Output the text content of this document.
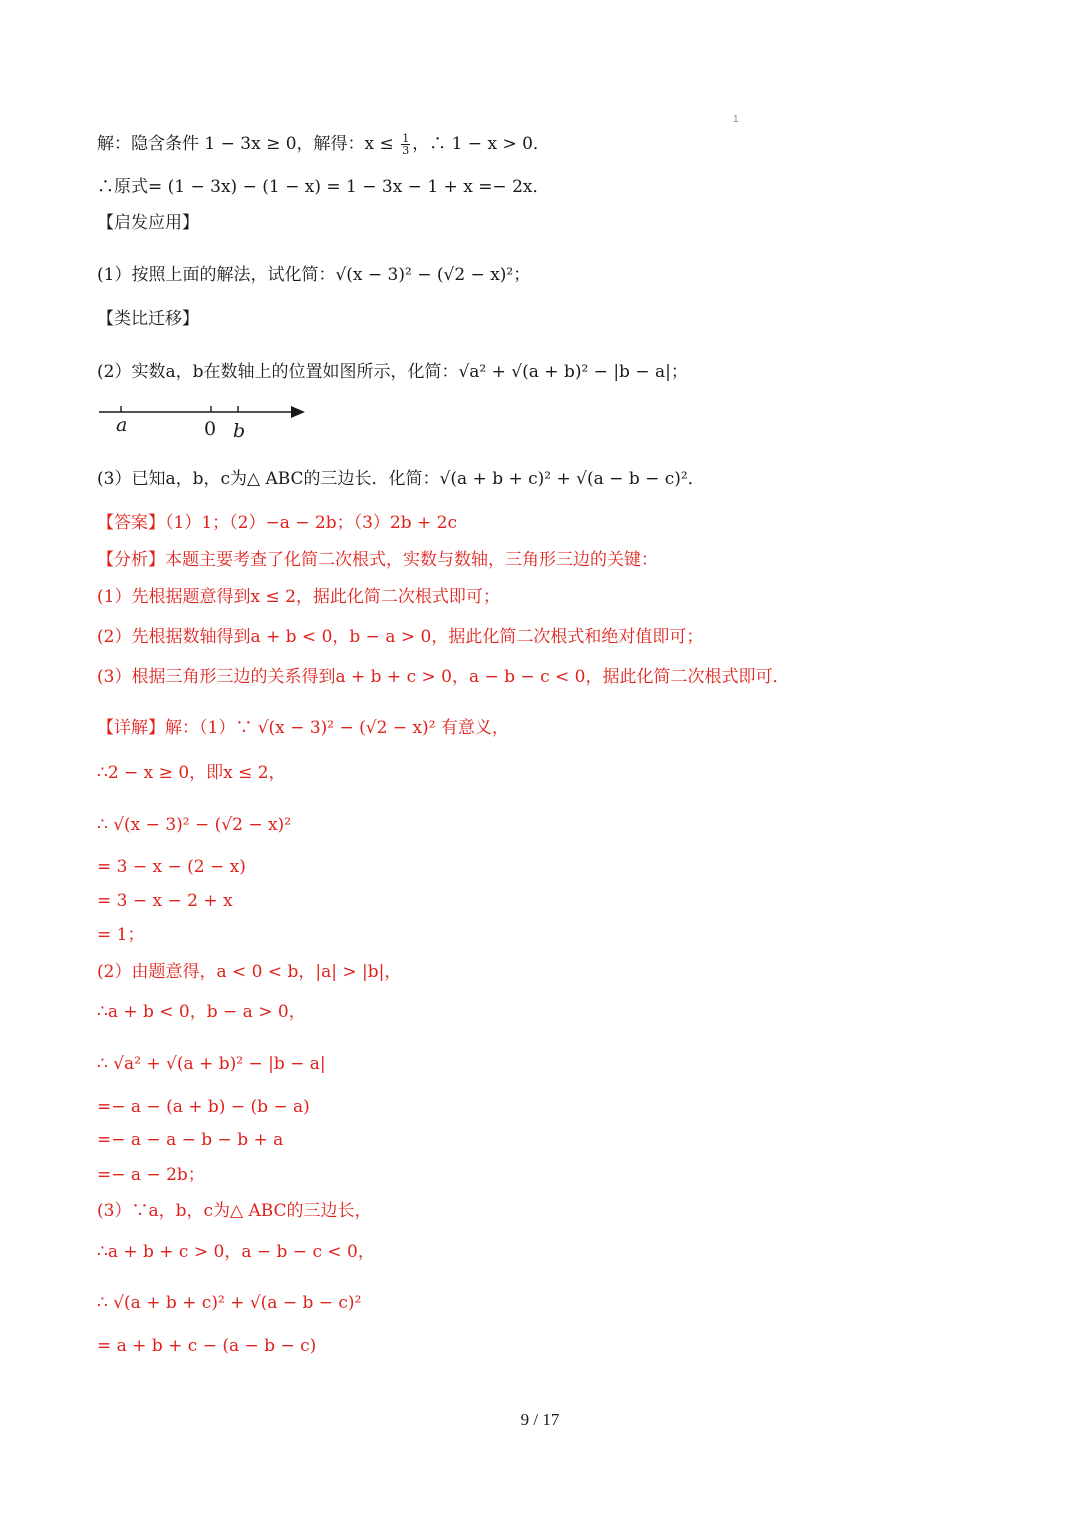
1
解：隐含条件 1 − 3x ≥ 0，解得：$x \le \frac{1}{3}$ ，∴ 1 − x > 0．
∴原式= (1 − 3x) − (1 − x) = 1 − 3x − 1 + x =− 2x．
【启发应用】
(1）按照上面的解法，试化简：√(x − 3)² − (√2 − x)²；
【类比迁移】
(2）实数a，b在数轴上的位置如图所示，化简：√a² + √(a + b)² − |b − a|；
a	0 b
(3）已知a，b，c为△ ABC的三边长．化简：√(a + b + c)² + √(a − b − c)²．
【答案】（1）1；（2）−a − 2b；（3）2b + 2c
【分析】本题主要考查了化简二次根式，实数与数轴，三角形三边的关键：
(1）先根据题意得到x ≤ 2，据此化简二次根式即可；
(2）先根据数轴得到a + b < 0，b − a > 0，据此化简二次根式和绝对值即可；
(3）根据三角形三边的关系得到a + b + c > 0，a − b − c < 0，据此化简二次根式即可．
【详解】解：（1）∵ √(x − 3)² − (√2 − x)² 有意义，
∴2 − x ≥ 0，即x ≤ 2，
∴ √(x − 3)² − (√2 − x)²
= 3 − x − (2 − x)
= 3 − x − 2 + x
= 1；
(2）由题意得，a < 0 < b，|a| > |b|，
∴a + b < 0，b − a > 0，
∴ √a² + √(a + b)² − |b − a|
=− a − (a + b) − (b − a)
=− a − a − b − b + a
=− a − 2b；
(3）∵a，b，c为△ ABC的三边长，
∴a + b + c > 0，a − b − c < 0，
∴ √(a + b + c)² + √(a − b − c)²
= a + b + c − (a − b − c)
9 / 17
